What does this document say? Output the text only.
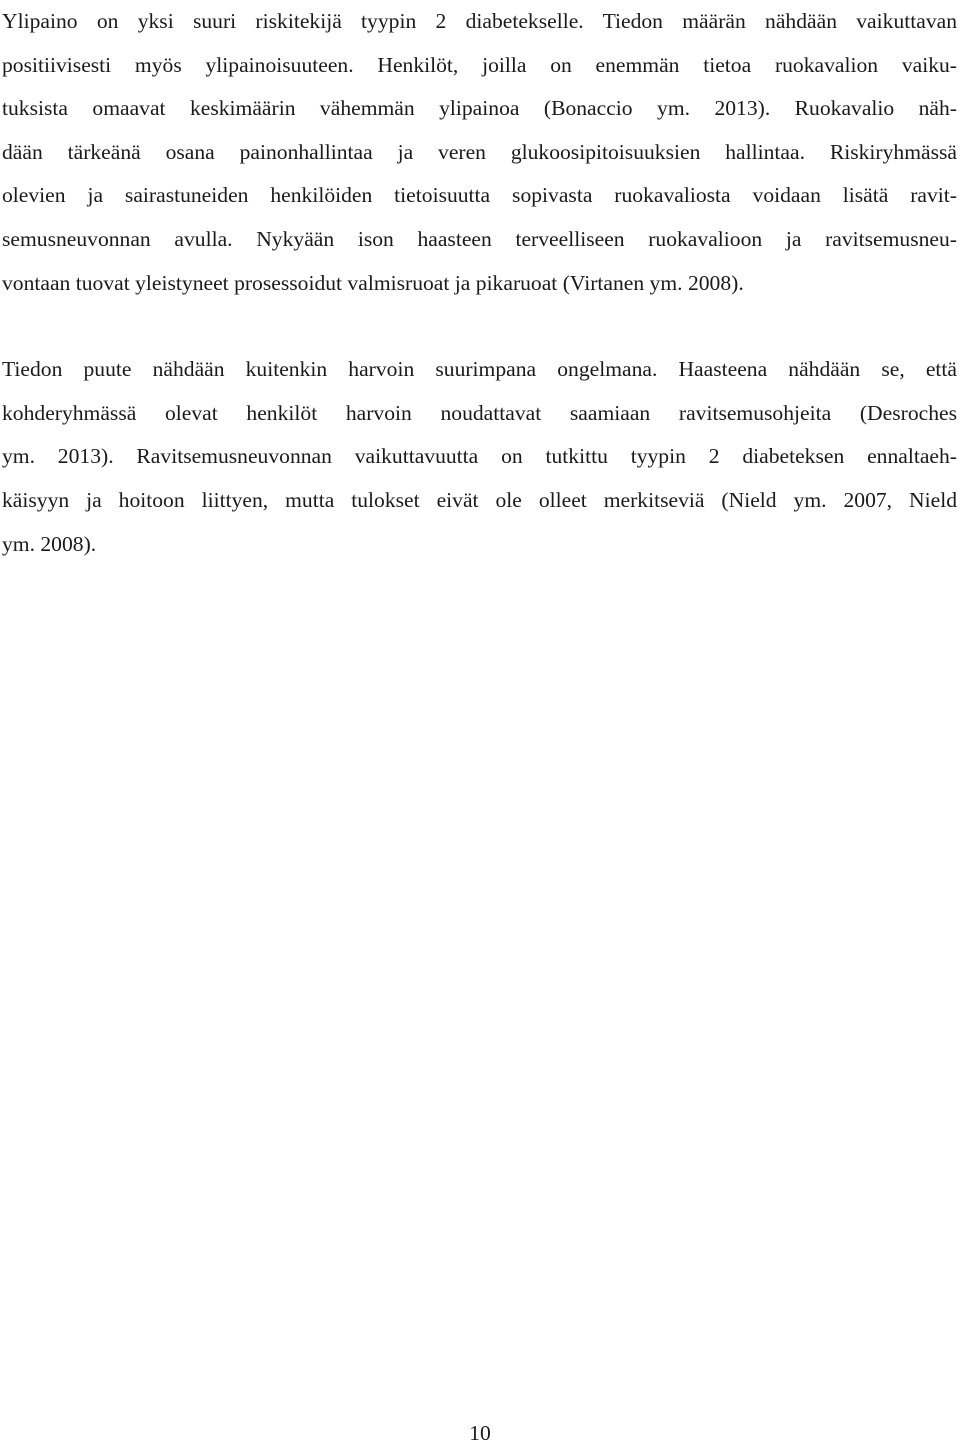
Ylipaino on yksi suuri riskitekijä tyypin 2 diabetekselle. Tiedon määrän nähdään vaikuttavan
positiivisesti myös ylipainoisuuteen. Henkilöt, joilla on enemmän tietoa ruokavalion vaiku-
tuksista omaavat keskimäärin vähemmän ylipainoa (Bonaccio ym. 2013). Ruokavalio näh-
dään tärkeänä osana painonhallintaa ja veren glukoosipitoisuuksien hallintaa. Riskiryhmässä
olevien ja sairastuneiden henkilöiden tietoisuutta sopivasta ruokavaliosta voidaan lisätä ravit-
semusneuvonnan avulla. Nykyään ison haasteen terveelliseen ruokavalioon ja ravitsemusneu-
vontaan tuovat yleistyneet prosessoidut valmisruoat ja pikaruoat (Virtanen ym. 2008).

Tiedon puute nähdään kuitenkin harvoin suurimpana ongelmana. Haasteena nähdään se, että
kohderyhmässä olevat henkilöt harvoin noudattavat saamiaan ravitsemusohjeita (Desroches
ym. 2013). Ravitsemusneuvonnan vaikuttavuutta on tutkittu tyypin 2 diabeteksen ennaltaeh-
käisyyn ja hoitoon liittyen, mutta tulokset eivät ole olleet merkitseviä (Nield ym. 2007, Nield
ym. 2008).

10
